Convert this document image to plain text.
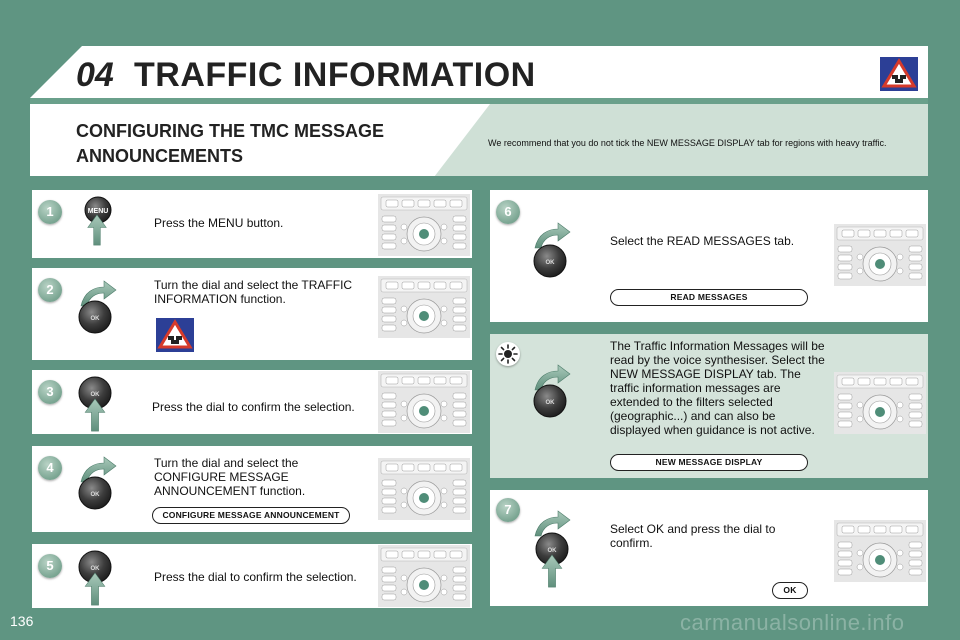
04 TRAFFIC INFORMATION
CONFIGURING THE TMC MESSAGE ANNOUNCEMENTS
We recommend that you do not tick the NEW MESSAGE DISPLAY tab for regions with heavy traffic.
1	MENU
Press the MENU button.
2
OK
Turn the dial and select the TRAFFIC INFORMATION function.
3	OK
Press the dial to confirm the selection.
4
OK
Turn the dial and select the CONFIGURE MESSAGE ANNOUNCEMENT function.
CONFIGURE MESSAGE ANNOUNCEMENT
5	OK
Press the dial to confirm the selection.
6
OK
Select the READ MESSAGES tab.
READ MESSAGES
OK
The Traffic Information Messages will be read by the voice synthesiser. Select the NEW MESSAGE DISPLAY tab. The traffic information messages are extended to the filters selected (geographic...) and can also be displayed when guidance is not active.
NEW MESSAGE DISPLAY
7
OK
Select OK and press the dial to confirm.
OK
136	carmanualsonline.info
